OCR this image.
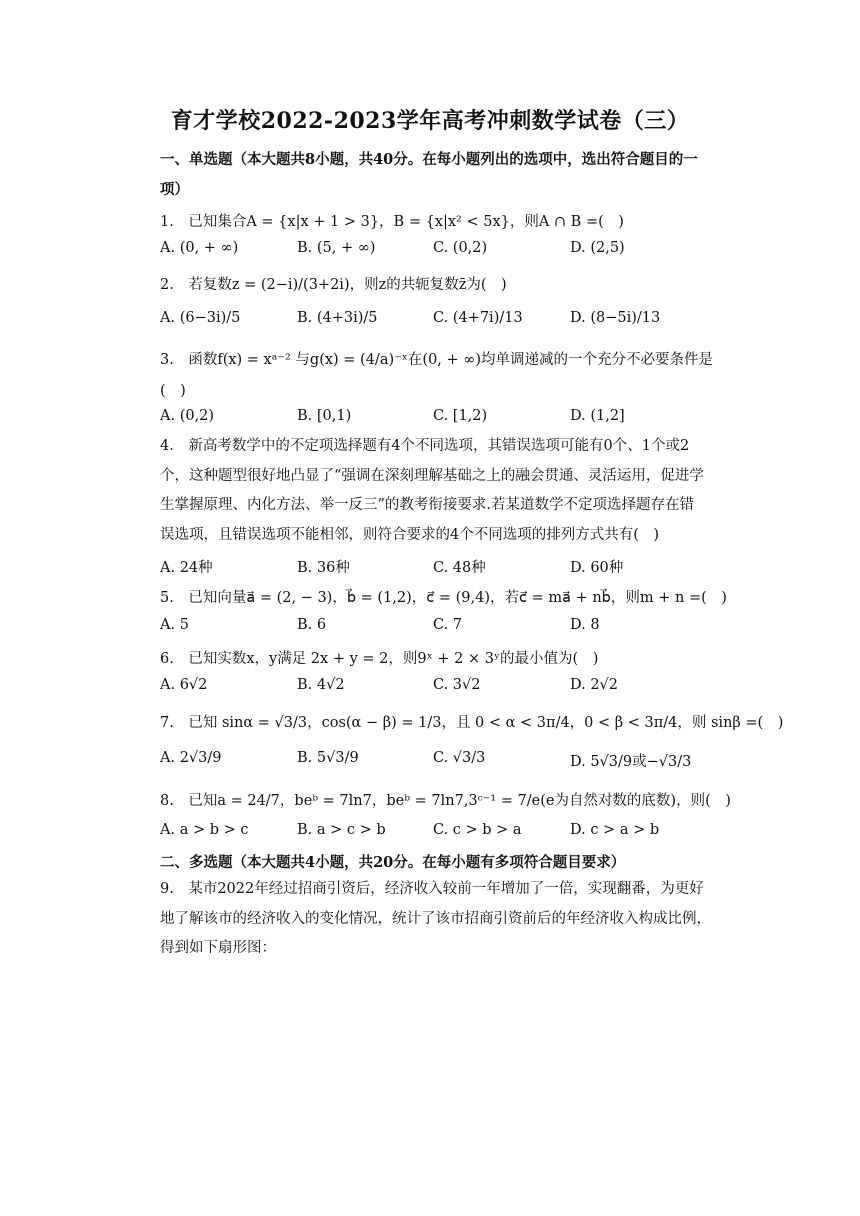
育才学校2022-2023学年高考冲刺数学试卷（三）
一、单选题（本大题共8小题，共40分。在每小题列出的选项中，选出符合题目的一
项）
1.　已知集合A = {x|x + 1 > 3}，B = {x|x² < 5x}，则A ∩ B =(　)
A. (0, + ∞)	B. (5, + ∞)	C. (0,2)	D. (2,5)
2.　若复数z = (2−i)/(3+2i)，则z的共轭复数z̄为(　)
A. (6−3i)/5	B. (4+3i)/5	C. (4+7i)/13	D. (8−5i)/13
3.　函数f(x) = xᵃ⁻² 与g(x) = (4/a)⁻ˣ在(0, + ∞)均单调递减的一个充分不必要条件是
(　)
A. (0,2)	B. [0,1)	C. [1,2)	D. (1,2]
4.　新高考数学中的不定项选择题有4个不同选项，其错误选项可能有0个、1个或2
个，这种题型很好地凸显了“强调在深刻理解基础之上的融会贯通、灵活运用，促进学
生掌握原理、内化方法、举一反三”的教考衔接要求.若某道数学不定项选择题存在错
误选项，且错误选项不能相邻，则符合要求的4个不同选项的排列方式共有(　)
A. 24种	B. 36种	C. 48种	D. 60种
5.　已知向量a⃗ = (2, − 3)，b⃗ = (1,2)，c⃗ = (9,4)，若c⃗ = ma⃗ + nb⃗，则m + n =(　)
A. 5	B. 6	C. 7	D. 8
6.　已知实数x，y满足 2x + y = 2，则9ˣ + 2 × 3ʸ的最小值为(　)
A. 6√2	B. 4√2	C. 3√2	D. 2√2
7.　已知 sinα = √3/3，cos(α − β) = 1/3，且 0 < α < 3π/4，0 < β < 3π/4，则 sinβ =(　)
A. 2√3/9	B. 5√3/9	C. √3/3	D. 5√3/9或−√3/3
8.　已知a = 24/7，beᵇ = 7ln7，beᵇ = 7ln7,3ᶜ⁻¹ = 7/e(e为自然对数的底数)，则(　)
A. a > b > c	B. a > c > b	C. c > b > a	D. c > a > b
二、多选题（本大题共4小题，共20分。在每小题有多项符合题目要求）
9.　某市2022年经过招商引资后，经济收入较前一年增加了一倍，实现翻番，为更好
地了解该市的经济收入的变化情况，统计了该市招商引资前后的年经济收入构成比例，
得到如下扇形图：
